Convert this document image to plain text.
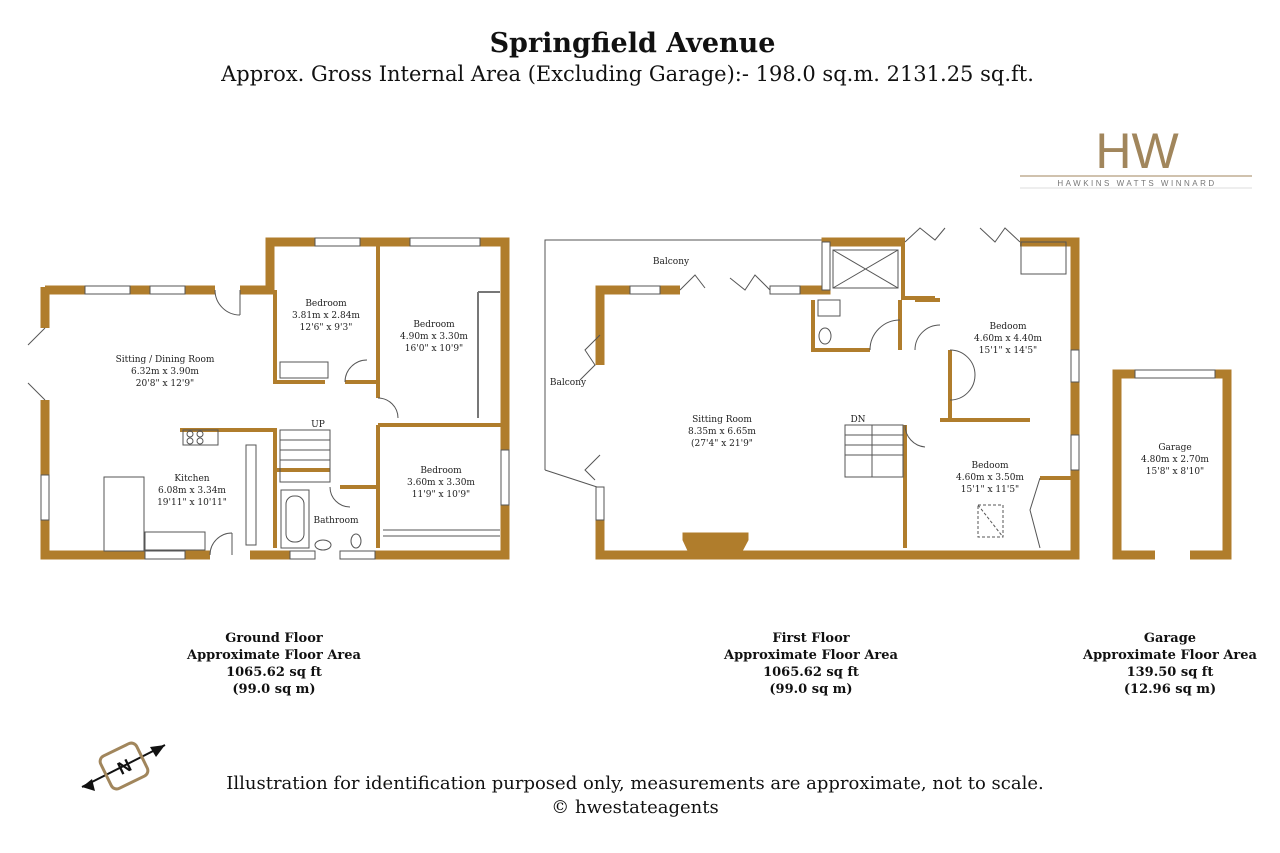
Springfield Avenue
Approx. Gross Internal Area (Excluding Garage):- 198.0 sq.m. 2131.25 sq.ft.
HW
HAWKINS WATTS WINNARD
Sitting / Dining Room
6.32m x 3.90m
20'8" x 12'9"
Bedroom
3.81m x 2.84m
12'6" x 9'3"	Bedroom
4.90m x 3.30m
16'0" x 10'9"
Bedroom
3.60m x 3.30m
11'9" x 10'9"
Kitchen
6.08m x 3.34m
19'11" x 10'11"
Bathroom
UP
Balcony
Balcony
Sitting Room
8.35m x 6.65m
(27'4" x 21'9"
Bedoom
4.60m x 4.40m
15'1" x 14'5"
Bedoom
4.60m x 3.50m
15'1" x 11'5"
DN
Garage
4.80m x 2.70m
15'8" x 8'10"
N
Ground Floor
Approximate Floor Area
1065.62 sq ft
(99.0 sq m)
First Floor
Approximate Floor Area
1065.62 sq ft
(99.0 sq m)
Garage
Approximate Floor Area
139.50 sq ft
(12.96 sq m)
Illustration for identification purposed only, measurements are approximate, not to scale.
© hwestateagents
